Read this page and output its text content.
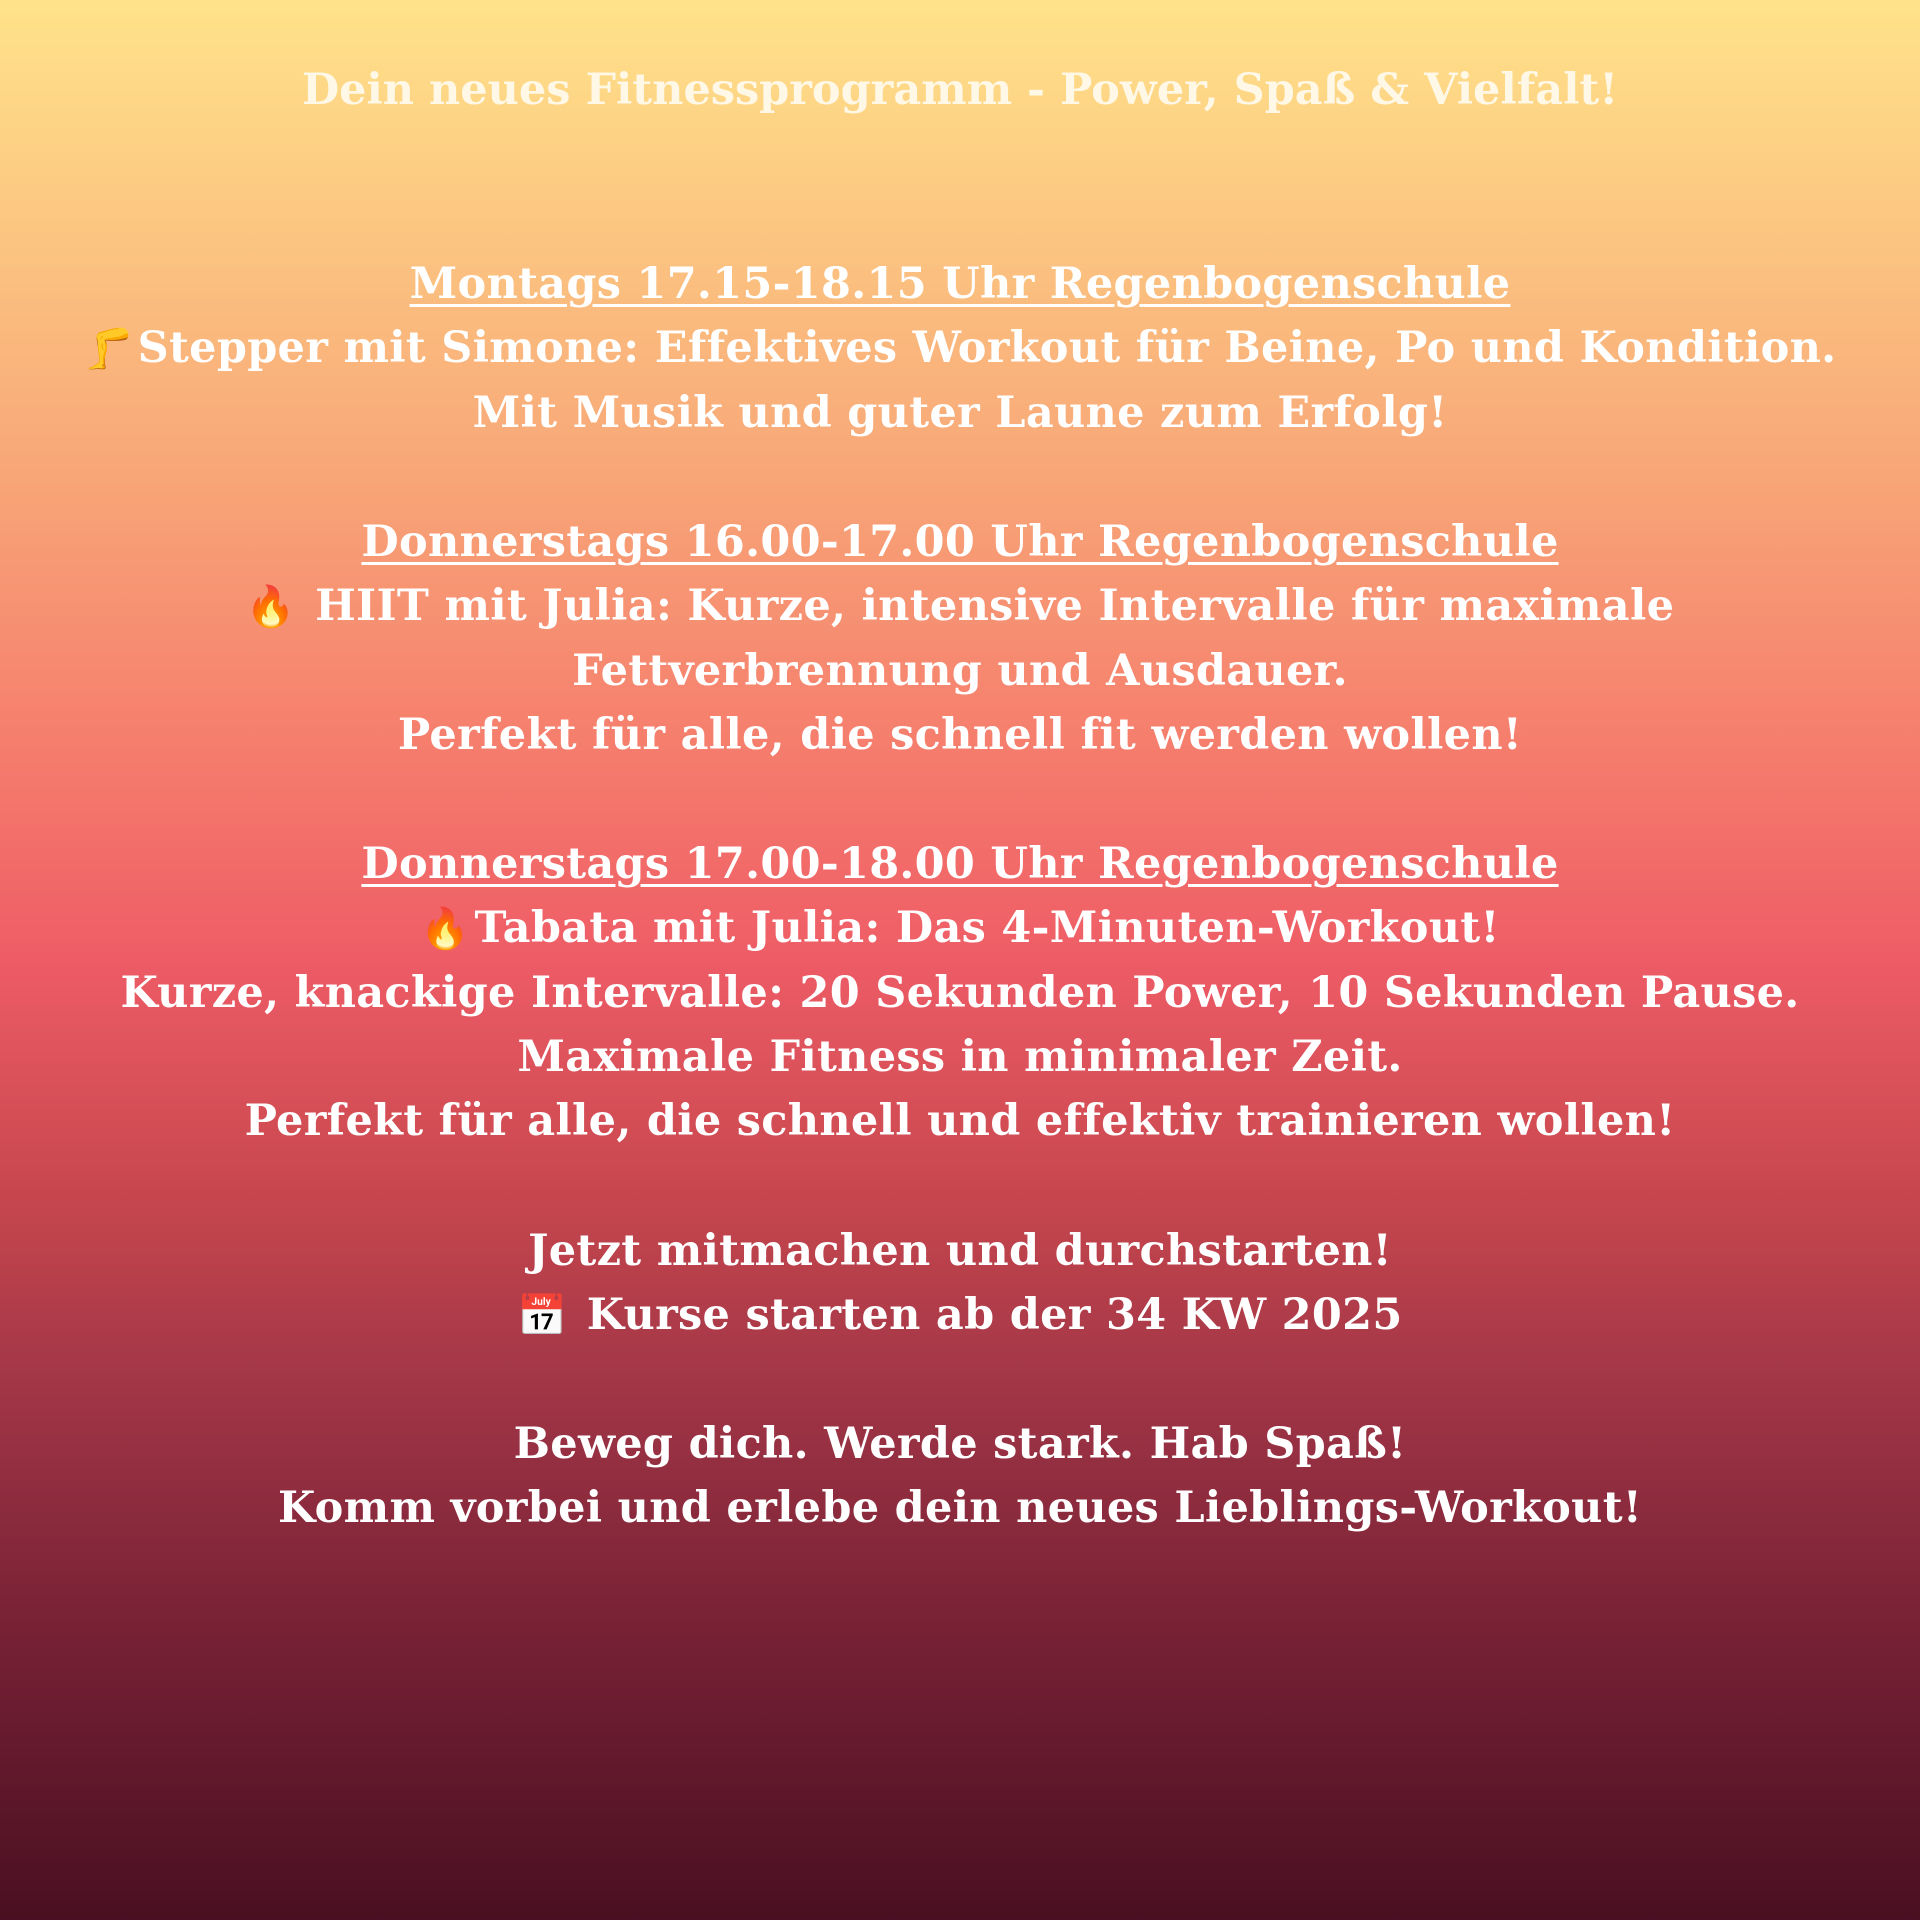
Dein neues Fitnessprogramm - Power, Spaß & Vielfalt!
Montags 17.15-18.15 Uhr Regenbogenschule
🦵Stepper mit Simone: Effektives Workout für Beine, Po und Kondition.
Mit Musik und guter Laune zum Erfolg!
Donnerstags 16.00-17.00 Uhr Regenbogenschule
🔥 HIIT mit Julia: Kurze, intensive Intervalle für maximale
Fettverbrennung und Ausdauer.
Perfekt für alle, die schnell fit werden wollen!
Donnerstags 17.00-18.00 Uhr Regenbogenschule
🔥Tabata mit Julia: Das 4-Minuten-Workout!
Kurze, knackige Intervalle: 20 Sekunden Power, 10 Sekunden Pause.
Maximale Fitness in minimaler Zeit.
Perfekt für alle, die schnell und effektiv trainieren wollen!
Jetzt mitmachen und durchstarten!
📅 Kurse starten ab der 34 KW 2025
Beweg dich. Werde stark. Hab Spaß!
Komm vorbei und erlebe dein neues Lieblings-Workout!
